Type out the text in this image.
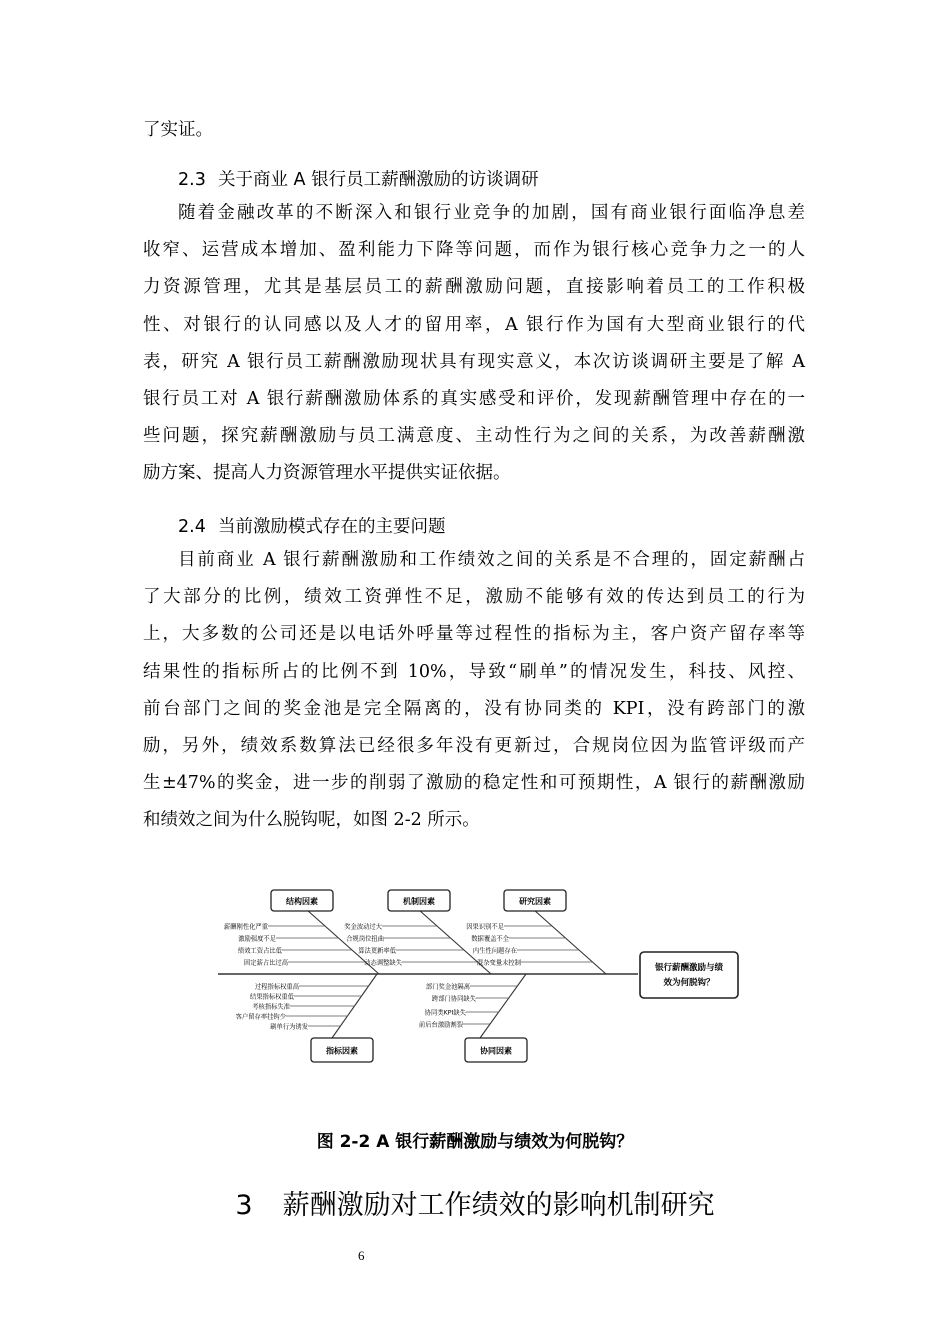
了实证。
2.3 关于商业 A 银行员工薪酬激励的访谈调研
随着金融改革的不断深入和银行业竞争的加剧，国有商业银行面临净息差
收窄、运营成本增加、盈利能力下降等问题，而作为银行核心竞争力之一的人
力资源管理，尤其是基层员工的薪酬激励问题，直接影响着员工的工作积极
性、对银行的认同感以及人才的留用率，A 银行作为国有大型商业银行的代
表，研究 A 银行员工薪酬激励现状具有现实意义，本次访谈调研主要是了解 A
银行员工对 A 银行薪酬激励体系的真实感受和评价，发现薪酬管理中存在的一
些问题，探究薪酬激励与员工满意度、主动性行为之间的关系，为改善薪酬激
励方案、提高人力资源管理水平提供实证依据。
2.4 当前激励模式存在的主要问题
目前商业 A 银行薪酬激励和工作绩效之间的关系是不合理的，固定薪酬占
了大部分的比例，绩效工资弹性不足，激励不能够有效的传达到员工的行为
上，大多数的公司还是以电话外呼量等过程性的指标为主，客户资产留存率等
结果性的指标所占的比例不到 10%，导致“刷单”的情况发生，科技、风控、
前台部门之间的奖金池是完全隔离的，没有协同类的 KPI，没有跨部门的激
励，另外，绩效系数算法已经很多年没有更新过，合规岗位因为监管评级而产
生±47%的奖金，进一步的削弱了激励的稳定性和可预期性，A 银行的薪酬激励
和绩效之间为什么脱钩呢，如图 2-2 所示。
银行薪酬激励与绩
效为何脱钩？
结构因素	机制因素	研究因素
薪酬刚性化严重
激励强度不足
绩效工资占比低
固定薪占比过高
奖金波动过大
合规岗位扭曲
算法更新率低
动态调整缺失
因果识别不足
数据覆盖不全
内生性问题存在
混杂变量未控制
指标因素	协同因素
过程指标权重高
结果指标权重低
考核指标失准
客户留存率挂钩少
刷单行为诱发
部门奖金池隔离
跨部门协同缺失
协同类KPI缺失
前后台激励割裂
图 2-2 A 银行薪酬激励与绩效为何脱钩？
3 薪酬激励对工作绩效的影响机制研究
6
